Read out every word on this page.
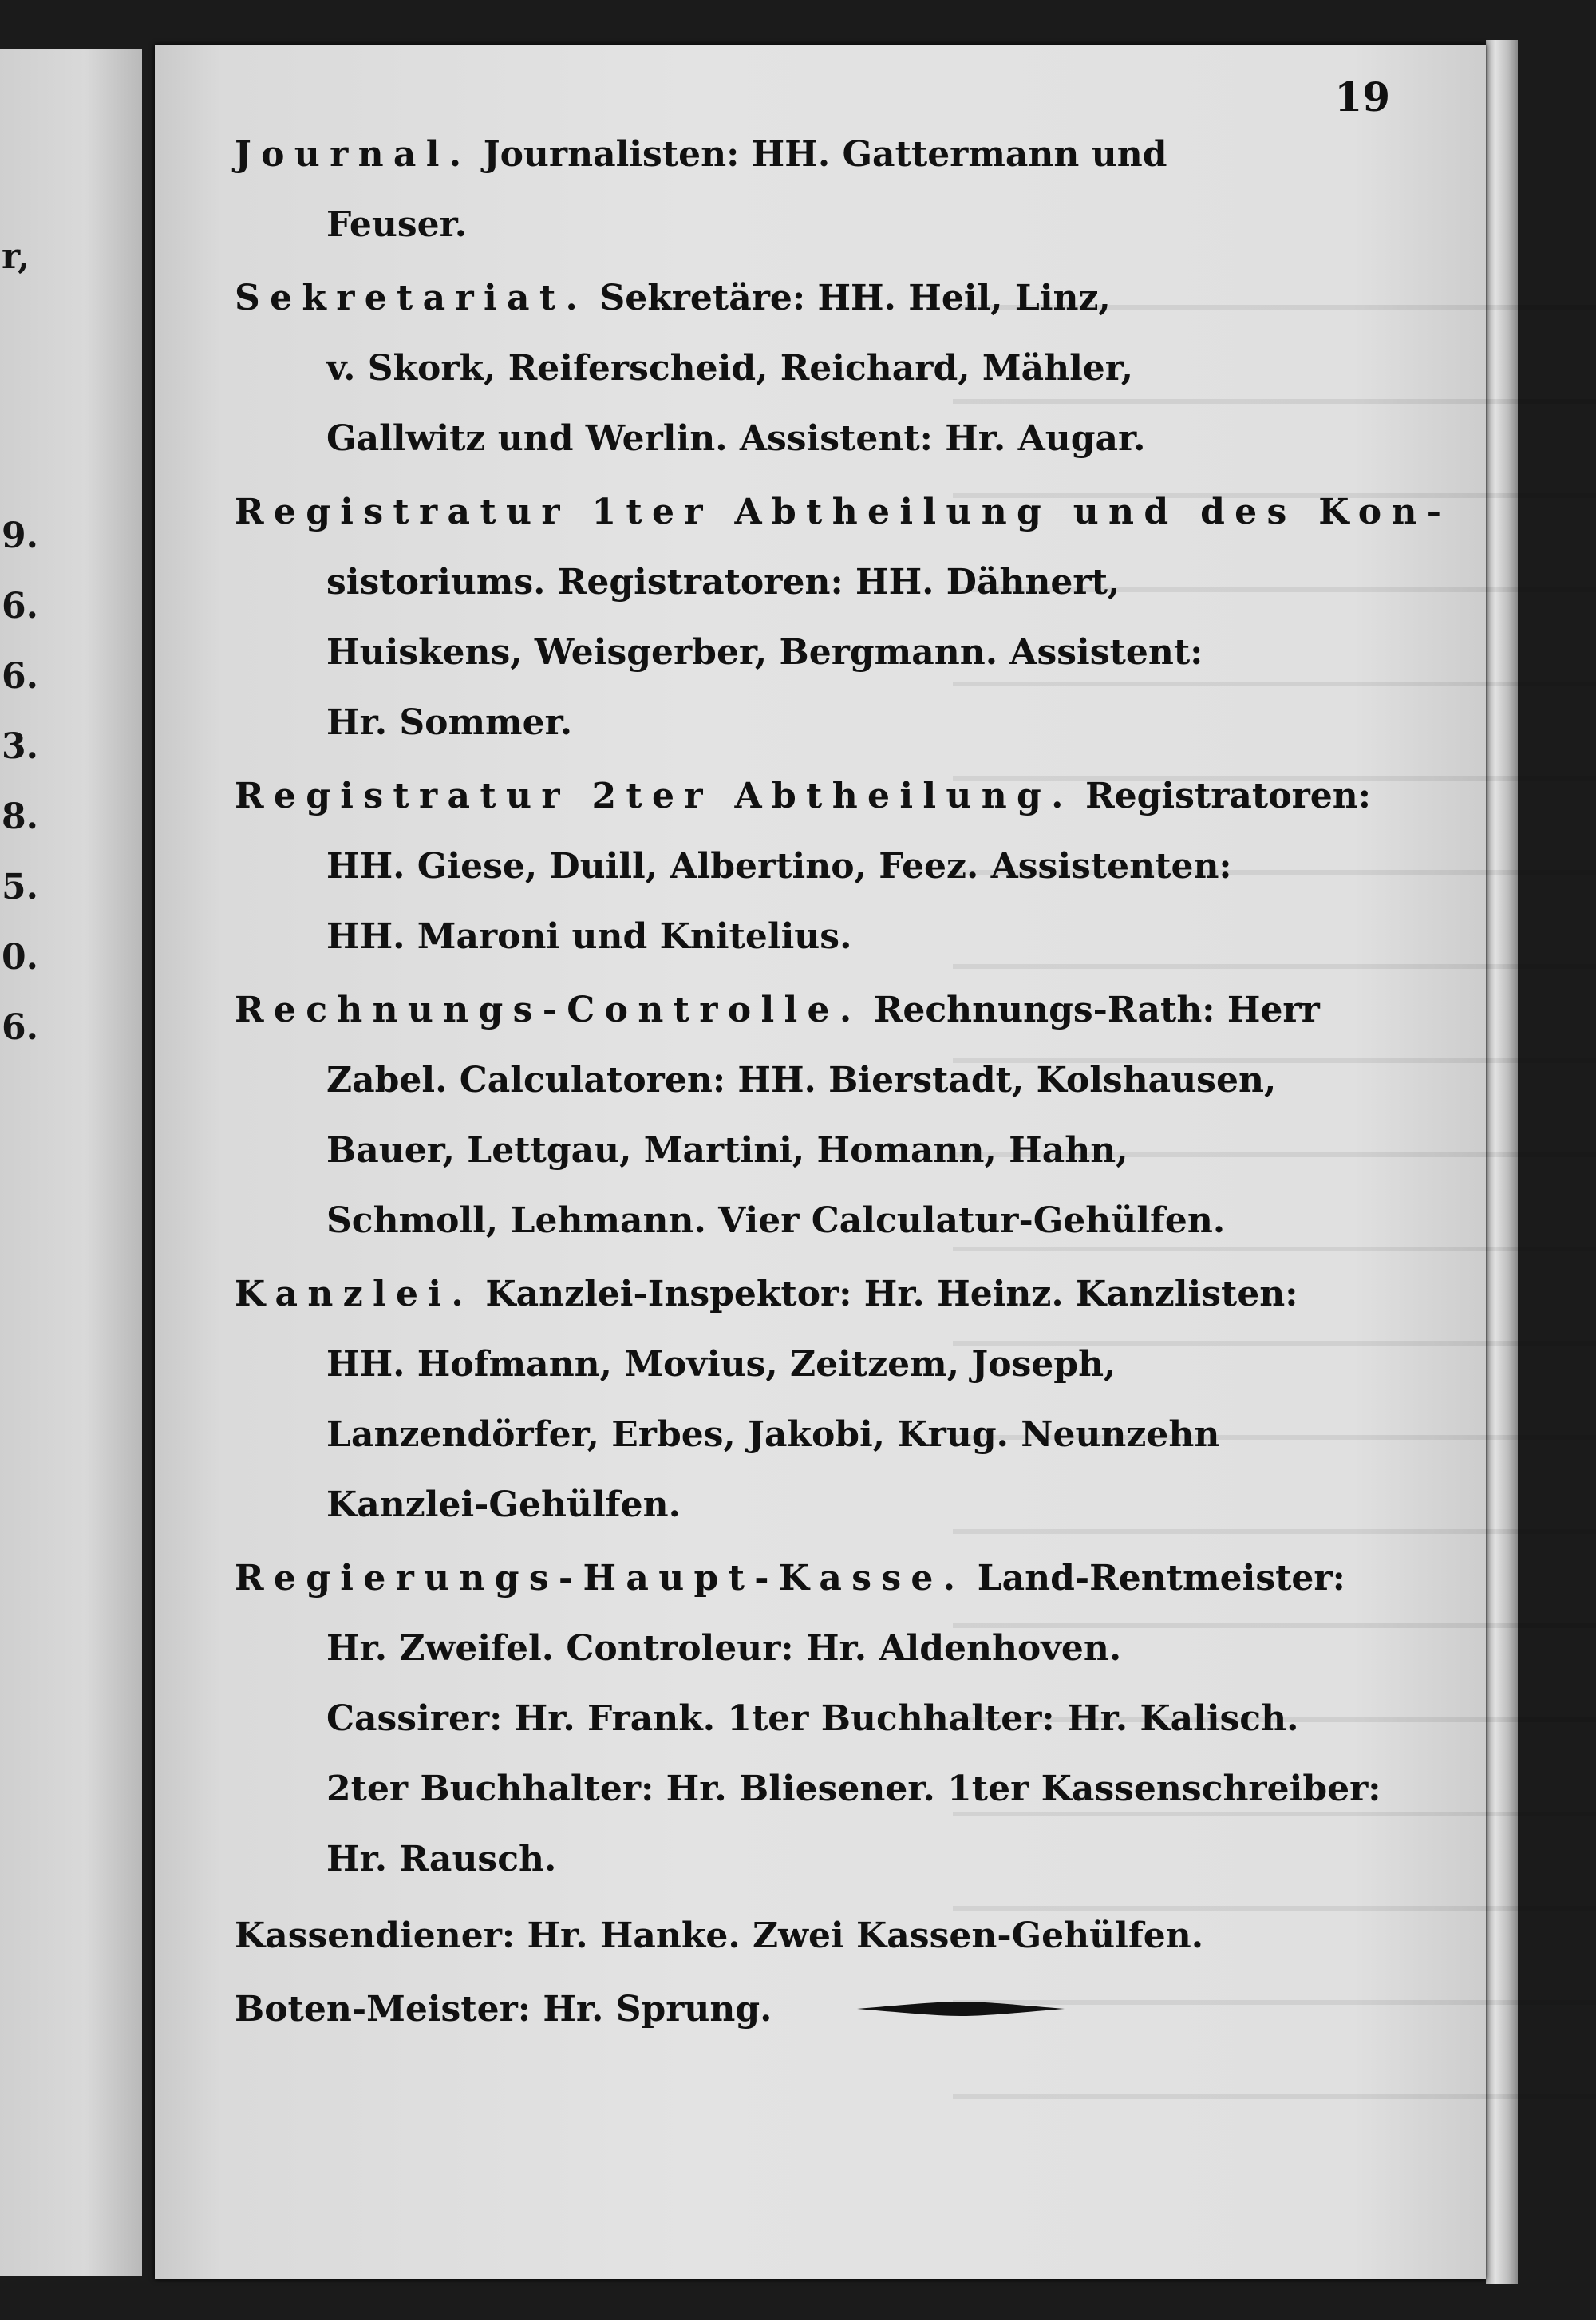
r,
9.
6.
6.
3.
8.
5.
0.
6.
19
Journal. Journalisten: HH. Gattermann und
Feuser.
Sekretariat. Sekretäre: HH. Heil, Linz,
v. Skork, Reiferscheid, Reichard, Mähler,
Gallwitz und Werlin. Assistent: Hr. Augar.
Registratur 1ter Abtheilung und des Kon-
sistoriums. Registratoren: HH. Dähnert,
Huiskens, Weisgerber, Bergmann. Assistent:
Hr. Sommer.
Registratur 2ter Abtheilung. Registratoren:
HH. Giese, Duill, Albertino, Feez. Assistenten:
HH. Maroni und Knitelius.
Rechnungs-Controlle. Rechnungs-Rath: Herr
Zabel. Calculatoren: HH. Bierstadt, Kolshausen,
Bauer, Lettgau, Martini, Homann, Hahn,
Schmoll, Lehmann. Vier Calculatur-Gehülfen.
Kanzlei. Kanzlei-Inspektor: Hr. Heinz. Kanzlisten:
HH. Hofmann, Movius, Zeitzem, Joseph,
Lanzendörfer, Erbes, Jakobi, Krug. Neunzehn
Kanzlei-Gehülfen.
Regierungs-Haupt-Kasse. Land-Rentmeister:
Hr. Zweifel. Controleur: Hr. Aldenhoven.
Cassirer: Hr. Frank. 1ter Buchhalter: Hr. Kalisch.
2ter Buchhalter: Hr. Bliesener. 1ter Kassenschreiber:
Hr. Rausch.
Kassendiener: Hr. Hanke. Zwei Kassen-Gehülfen.
Boten-Meister: Hr. Sprung.
